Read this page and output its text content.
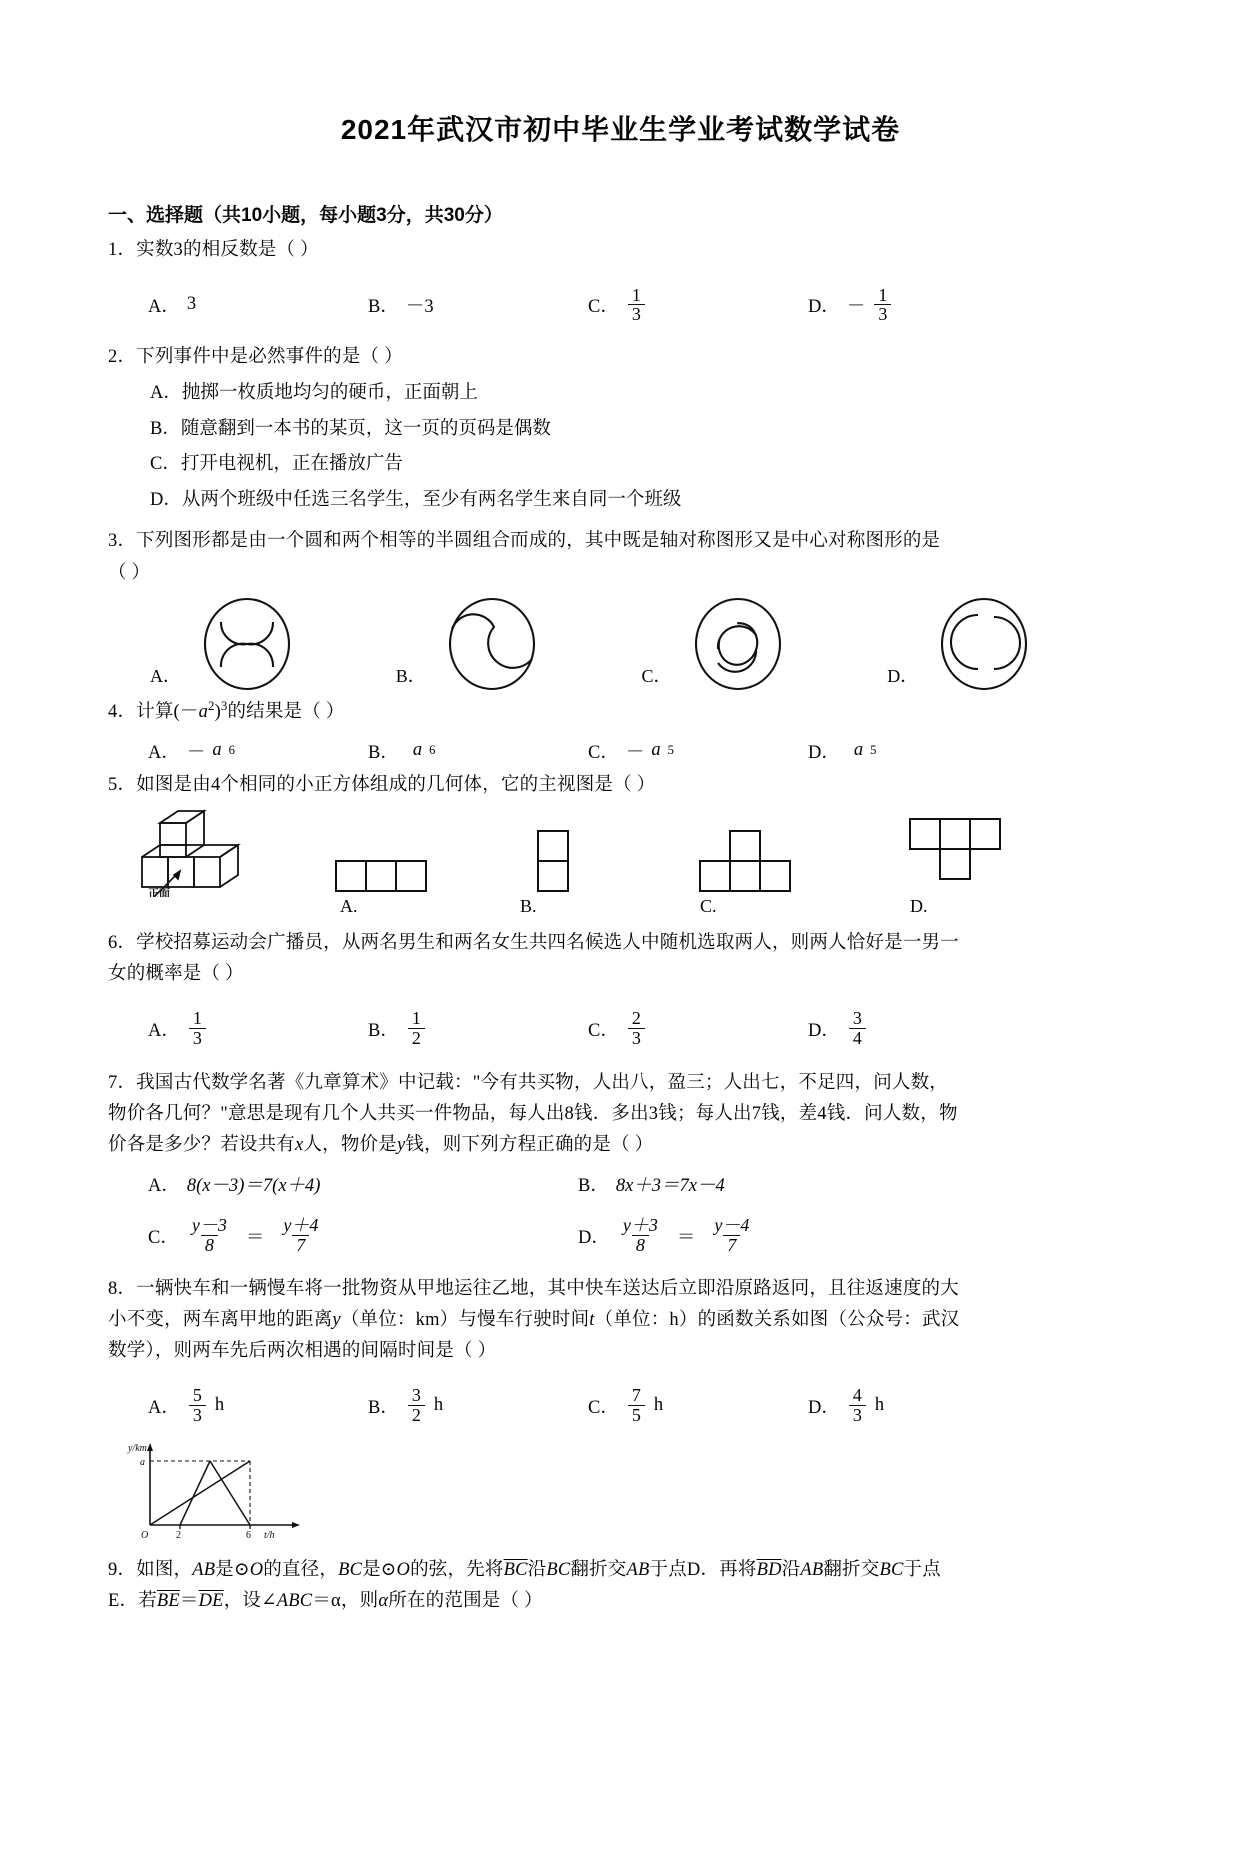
2021年武汉市初中毕业生学业考试数学试卷
一、选择题（共10小题，每小题3分，共30分）
1．实数3的相反数是（ ）
A． 3	B． －3	C． $\frac{1}{3}$	D． － $\frac{1}{3}$
2．下列事件中是必然事件的是（ ）
A．抛掷一枚质地均匀的硬币，正面朝上
B．随意翻到一本书的某页，这一页的页码是偶数
C．打开电视机，正在播放广告
D．从两个班级中任选三名学生，至少有两名学生来自同一个班级
3．下列图形都是由一个圆和两个相等的半圆组合而成的，其中既是轴对称图形又是中心对称图形的是
（ ）
A．	B．	C．	D．
4．计算$(-a^2)^3$的结果是（ ）
A． － a 6	B． a 6	C． － a 5	D． a 5
5．如图是由4个相同的小正方体组成的几何体，它的主视图是（ ）
正面
A.	B.	C.	D.
6．学校招募运动会广播员，从两名男生和两名女生共四名候选人中随机选取两人，则两人恰好是一男一
女的概率是（ ）
A． $\frac{1}{3}$	B． $\frac{1}{2}$	C． $\frac{2}{3}$	D． $\frac{3}{4}$
7．我国古代数学名著《九章算术》中记载："今有共买物，人出八，盈三；人出七，不足四，问人数，
物价各几何？"意思是现有几个人共买一件物品，每人出8钱．多出3钱；每人出7钱，差4钱．问人数，物
价各是多少？若设共有x人，物价是y钱，则下列方程正确的是（ ）
A． 8(x－3)＝7(x＋4)	B． 8x＋3＝7x－4
C． $\frac{y-3}{8} = \frac{y+4}{7}$	D． $\frac{y+3}{8} = \frac{y-4}{7}$
8．一辆快车和一辆慢车将一批物资从甲地运往乙地，其中快车送达后立即沿原路返冋，且往返速度的大
小不变，两车离甲地的距离y（单位：km）与慢车行驶时间t（单位：h）的函数关系如图（公众号：武汉
数学），则两车先后两次相遇的间隔时间是（ ）
A． $\frac{5}{3}$ h	B． $\frac{3}{2}$ h	C． $\frac{7}{5}$ h	D． $\frac{4}{3}$ h
y/km
a
O	2	6 t/h
9．如图，AB是⊙O的直径，BC是⊙O的弦，先将$\overline{BC}$沿BC翻折交AB于点D．再将$\overline{BD}$沿AB翻折交BC于点
E．若$\overline{BE}=\overline{DE}$，设∠ABC＝α，则α所在的范围是（ ）
